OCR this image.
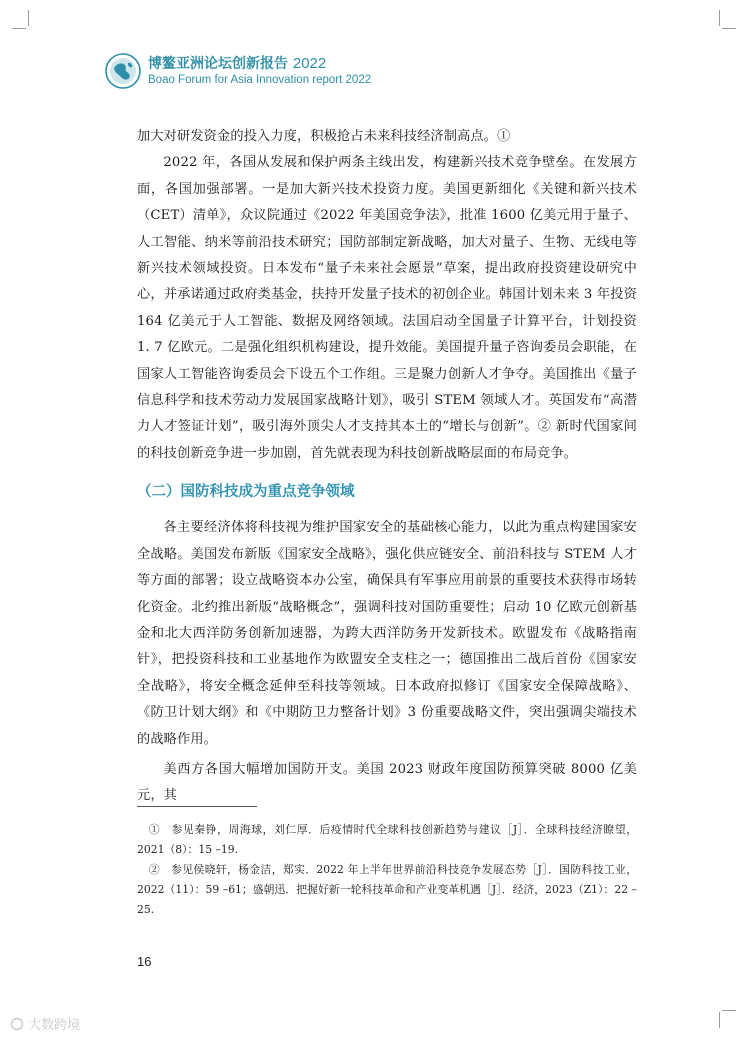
博鳌亚洲论坛创新报告 2022
Boao Forum for Asia Innovation report 2022

加大对研发资金的投入力度，积极抢占未来科技经济制高点。①

2022 年，各国从发展和保护两条主线出发，构建新兴技术竞争壁垒。在发展方面，各国加强部署。一是加大新兴技术投资力度。美国更新细化《关键和新兴技术（CET）清单》，众议院通过《2022 年美国竞争法》，批准 1600 亿美元用于量子、人工智能、纳米等前沿技术研究；国防部制定新战略，加大对量子、生物、无线电等新兴技术领域投资。日本发布“量子未来社会愿景”草案，提出政府投资建设研究中心，并承诺通过政府类基金，扶持开发量子技术的初创企业。韩国计划未来 3 年投资 164 亿美元于人工智能、数据及网络领域。法国启动全国量子计算平台，计划投资 1. 7 亿欧元。二是强化组织机构建设，提升效能。美国提升量子咨询委员会职能，在国家人工智能咨询委员会下设五个工作组。三是聚力创新人才争夺。美国推出《量子信息科学和技术劳动力发展国家战略计划》，吸引 STEM 领域人才。英国发布“高潜力人才签证计划”，吸引海外顶尖人才支持其本土的“增长与创新”。② 新时代国家间的科技创新竞争进一步加剧，首先就表现为科技创新战略层面的布局竞争。

（二）国防科技成为重点竞争领域

各主要经济体将科技视为维护国家安全的基础核心能力，以此为重点构建国家安全战略。美国发布新版《国家安全战略》，强化供应链安全、前沿科技与 STEM 人才等方面的部署；设立战略资本办公室，确保具有军事应用前景的重要技术获得市场转化资金。北约推出新版“战略概念”，强调科技对国防重要性；启动 10 亿欧元创新基金和北大西洋防务创新加速器，为跨大西洋防务开发新技术。欧盟发布《战略指南针》，把投资科技和工业基地作为欧盟安全支柱之一；德国推出二战后首份《国家安全战略》，将安全概念延伸至科技等领域。日本政府拟修订《国家安全保障战略》、《防卫计划大纲》和《中期防卫力整备计划》3 份重要战略文件，突出强调尖端技术的战略作用。

美西方各国大幅增加国防开支。美国 2023 财政年度国防预算突破 8000 亿美元，其

①　参见秦铮，周海球，刘仁厚．后疫情时代全球科技创新趋势与建议［J］．全球科技经济瞭望，2021（8）：15 –19.

②　参见侯晓轩，杨金洁，郑实．2022 年上半年世界前沿科技竞争发展态势［J］．国防科技工业，2022（11）：59 –61；盛朝迅．把握好新一轮科技革命和产业变革机遇［J］．经济，2023（Z1）：22 –25.

16
大数跨境
